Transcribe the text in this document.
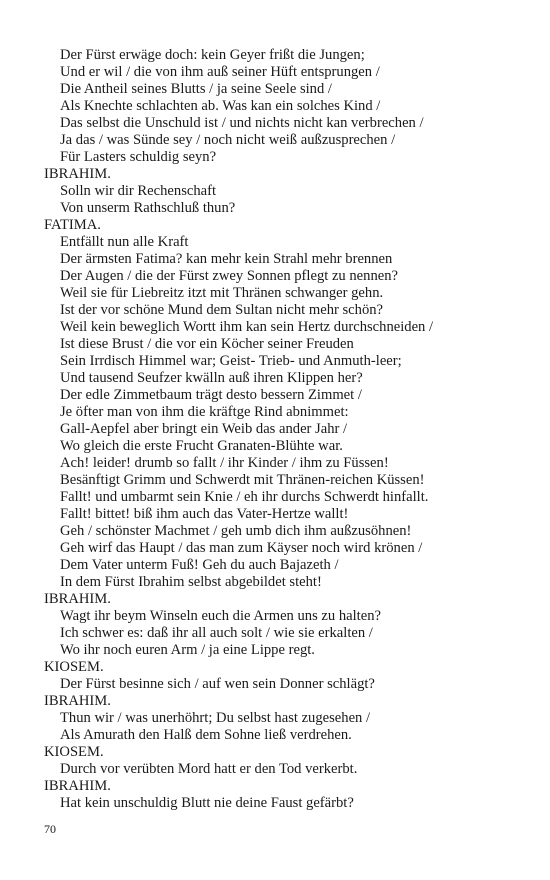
Der Fürst erwäge doch: kein Geyer frißt die Jungen;
Und er wil / die von ihm auß seiner Hüft entsprungen /
Die Antheil seines Blutts / ja seine Seele sind /
Als Knechte schlachten ab. Was kan ein solches Kind /
Das selbst die Unschuld ist / und nichts nicht kan verbrechen /
Ja das / was Sünde sey / noch nicht weiß außzusprechen /
Für Lasters schuldig seyn?
IBRAHIM.
Solln wir dir Rechenschaft
Von unserm Rathschluß thun?
FATIMA.
Entfällt nun alle Kraft
Der ärmsten Fatima? kan mehr kein Strahl mehr brennen
Der Augen / die der Fürst zwey Sonnen pflegt zu nennen?
Weil sie für Liebreitz itzt mit Thränen schwanger gehn.
Ist der vor schöne Mund dem Sultan nicht mehr schön?
Weil kein beweglich Wortt ihm kan sein Hertz durchschneiden /
Ist diese Brust / die vor ein Köcher seiner Freuden
Sein Irrdisch Himmel war; Geist- Trieb- und Anmuth-leer;
Und tausend Seufzer kwälln auß ihren Klippen her?
Der edle Zimmetbaum trägt desto bessern Zimmet /
Je öfter man von ihm die kräftge Rind abnimmet:
Gall-Aepfel aber bringt ein Weib das ander Jahr /
Wo gleich die erste Frucht Granaten-Blühte war.
Ach! leider! drumb so fallt / ihr Kinder / ihm zu Füssen!
Besänftigt Grimm und Schwerdt mit Thränen-reichen Küssen!
Fallt! und umbarmt sein Knie / eh ihr durchs Schwerdt hinfallt.
Fallt! bittet! biß ihm auch das Vater-Hertze wallt!
Geh / schönster Machmet / geh umb dich ihm außzusöhnen!
Geh wirf das Haupt / das man zum Käyser noch wird krönen /
Dem Vater unterm Fuß! Geh du auch Bajazeth /
In dem Fürst Ibrahim selbst abgebildet steht!
IBRAHIM.
Wagt ihr beym Winseln euch die Armen uns zu halten?
Ich schwer es: daß ihr all auch solt / wie sie erkalten /
Wo ihr noch euren Arm / ja eine Lippe regt.
KIOSEM.
Der Fürst besinne sich / auf wen sein Donner schlägt?
IBRAHIM.
Thun wir / was unerhöhrt; Du selbst hast zugesehen /
Als Amurath den Halß dem Sohne ließ verdrehen.
KIOSEM.
Durch vor verübten Mord hatt er den Tod verkerbt.
IBRAHIM.
Hat kein unschuldig Blutt nie deine Faust gefärbt?
70
